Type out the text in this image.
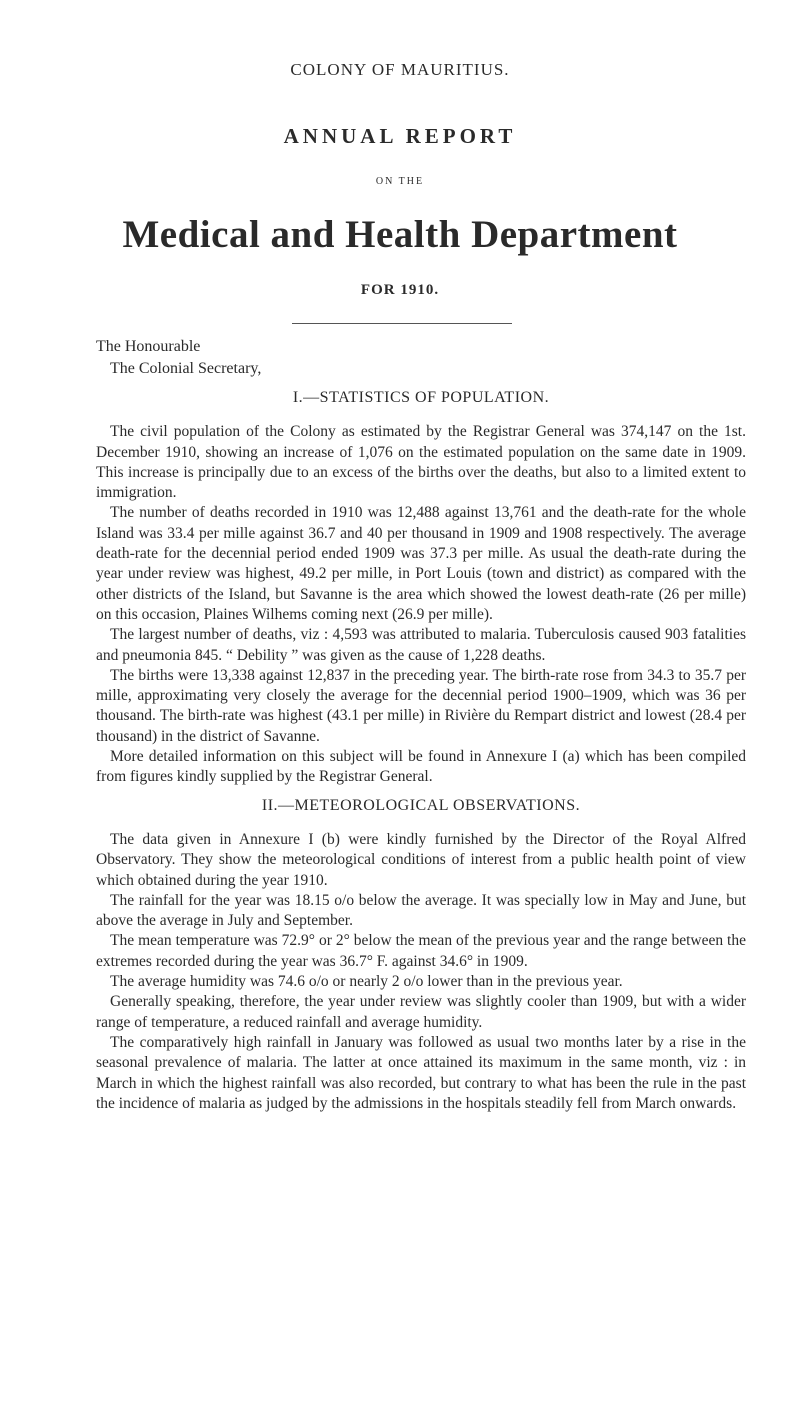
COLONY OF MAURITIUS.
ANNUAL REPORT
ON THE
Medical and Health Department
FOR 1910.
The Honourable
The Colonial Secretary,
I.—STATISTICS OF POPULATION.

The civil population of the Colony as estimated by the Registrar General was 374,147 on the 1st. December 1910, showing an increase of 1,076 on the estimated population on the same date in 1909. This increase is principally due to an excess of the births over the deaths, but also to a limited extent to immigration.

The number of deaths recorded in 1910 was 12,488 against 13,761 and the death-rate for the whole Island was 33.4 per mille against 36.7 and 40 per thousand in 1909 and 1908 respectively. The average death-rate for the decennial period ended 1909 was 37.3 per mille. As usual the death-rate during the year under review was highest, 49.2 per mille, in Port Louis (town and district) as compared with the other districts of the Island, but Savanne is the area which showed the lowest death-rate (26 per mille) on this occasion, Plaines Wilhems coming next (26.9 per mille).

The largest number of deaths, viz : 4,593 was attributed to malaria. Tuberculosis caused 903 fatalities and pneumonia 845. “ Debility ” was given as the cause of 1,228 deaths.

The births were 13,338 against 12,837 in the preceding year. The birth-rate rose from 34.3 to 35.7 per mille, approximating very closely the average for the decennial period 1900–1909, which was 36 per thousand. The birth-rate was highest (43.1 per mille) in Rivière du Rempart district and lowest (28.4 per thousand) in the district of Savanne.

More detailed information on this subject will be found in Annexure I (a) which has been compiled from figures kindly supplied by the Registrar General.

II.—METEOROLOGICAL OBSERVATIONS.

The data given in Annexure I (b) were kindly furnished by the Director of the Royal Alfred Observatory. They show the meteorological conditions of interest from a public health point of view which obtained during the year 1910.

The rainfall for the year was 18.15 o/o below the average. It was specially low in May and June, but above the average in July and September.

The mean temperature was 72.9° or 2° below the mean of the previous year and the range between the extremes recorded during the year was 36.7° F. against 34.6° in 1909.

The average humidity was 74.6 o/o or nearly 2 o/o lower than in the previous year.

Generally speaking, therefore, the year under review was slightly cooler than 1909, but with a wider range of temperature, a reduced rainfall and average humidity.

The comparatively high rainfall in January was followed as usual two months later by a rise in the seasonal prevalence of malaria. The latter at once attained its maximum in the same month, viz : in March in which the highest rainfall was also recorded, but contrary to what has been the rule in the past the incidence of malaria as judged by the admissions in the hospitals steadily fell from March onwards.
